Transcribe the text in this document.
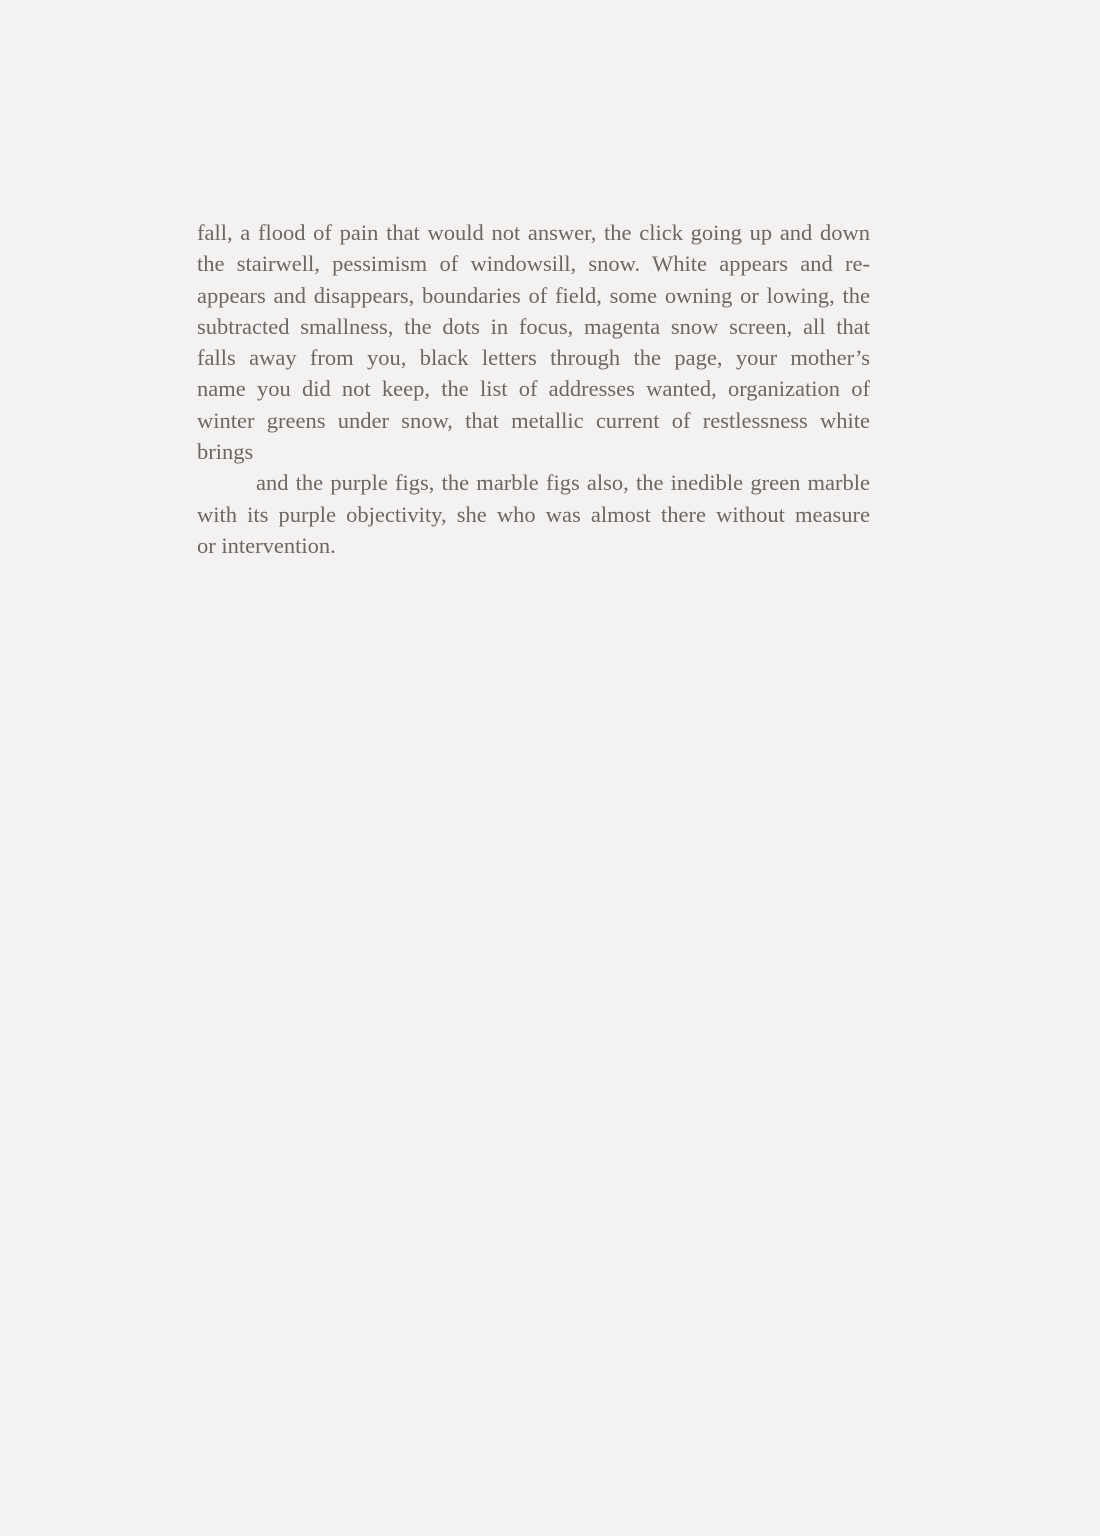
fall, a flood of pain that would not answer, the click going up and down
the stairwell, pessimism of windowsill, snow. White appears and re-
appears and disappears, boundaries of field, some owning or lowing, the
subtracted smallness, the dots in focus, magenta snow screen, all that
falls away from you, black letters through the page, your mother’s
name you did not keep, the list of addresses wanted, organization of
winter greens under snow, that metallic current of restlessness white
brings
and the purple figs, the marble figs also, the inedible green marble
with its purple objectivity, she who was almost there without measure
or intervention.
